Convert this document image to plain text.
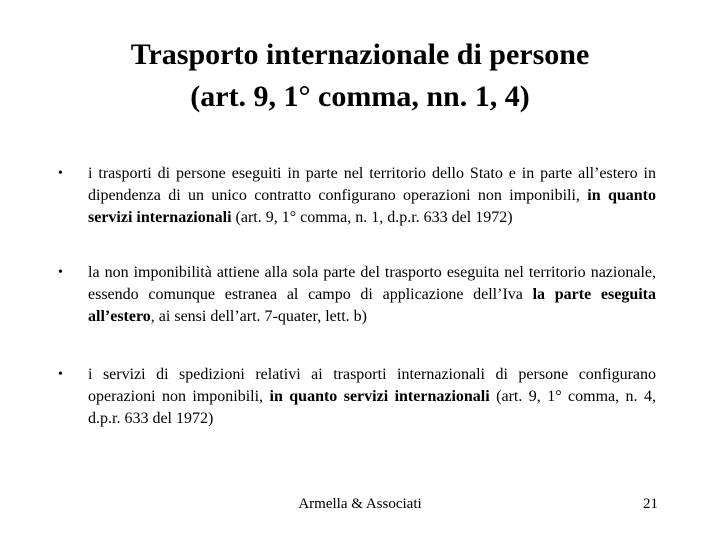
Trasporto internazionale di persone
(art. 9, 1° comma, nn. 1, 4)
• i trasporti di persone eseguiti in parte nel territorio dello Stato e in parte all’estero in dipendenza di un unico contratto configurano operazioni non imponibili, in quanto servizi internazionali (art. 9, 1° comma, n. 1, d.p.r. 633 del 1972)
• la non imponibilità attiene alla sola parte del trasporto eseguita nel territorio nazionale, essendo comunque estranea al campo di applicazione dell’Iva la parte eseguita all’estero, ai sensi dell’art. 7-quater, lett. b)
• i servizi di spedizioni relativi ai trasporti internazionali di persone configurano operazioni non imponibili, in quanto servizi internazionali (art. 9, 1° comma, n. 4, d.p.r. 633 del 1972)
Armella & Associati	21
